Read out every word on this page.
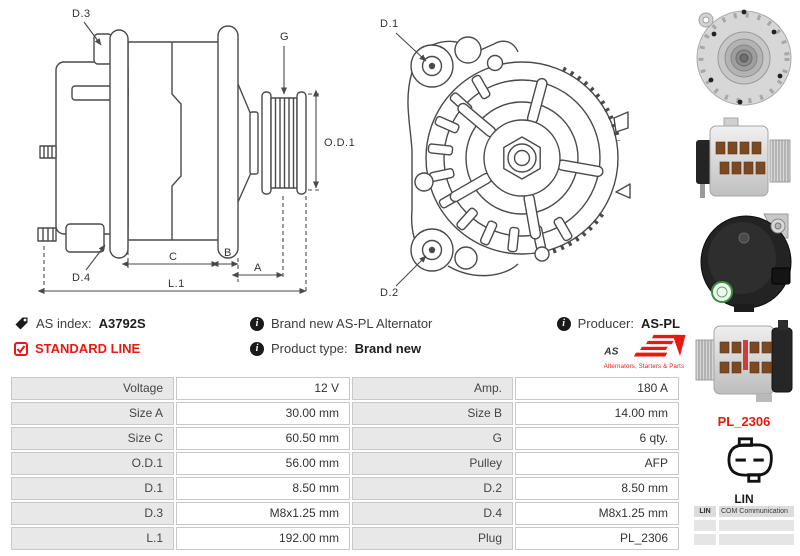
D.3
G
O.D.1
D.4
C	B
A
L.1
D.1
D.2
AS index: A3792S
STANDARD LINE
i Brand new AS-PL Alternator
i Product type: Brand new
i Producer: AS-PL
AS
Alternators, Starters & Parts
Voltage	12 V	Amp.	180 A
Size A	30.00 mm	Size B	14.00 mm
Size C	60.50 mm	G	6 qty.
O.D.1	56.00 mm	Pulley	AFP
D.1	8.50 mm	D.2	8.50 mm
D.3	M8x1.25 mm	D.4	M8x1.25 mm
L.1	192.00 mm	Plug	PL_2306
PL_2306
LIN
LIN	COM Communication
